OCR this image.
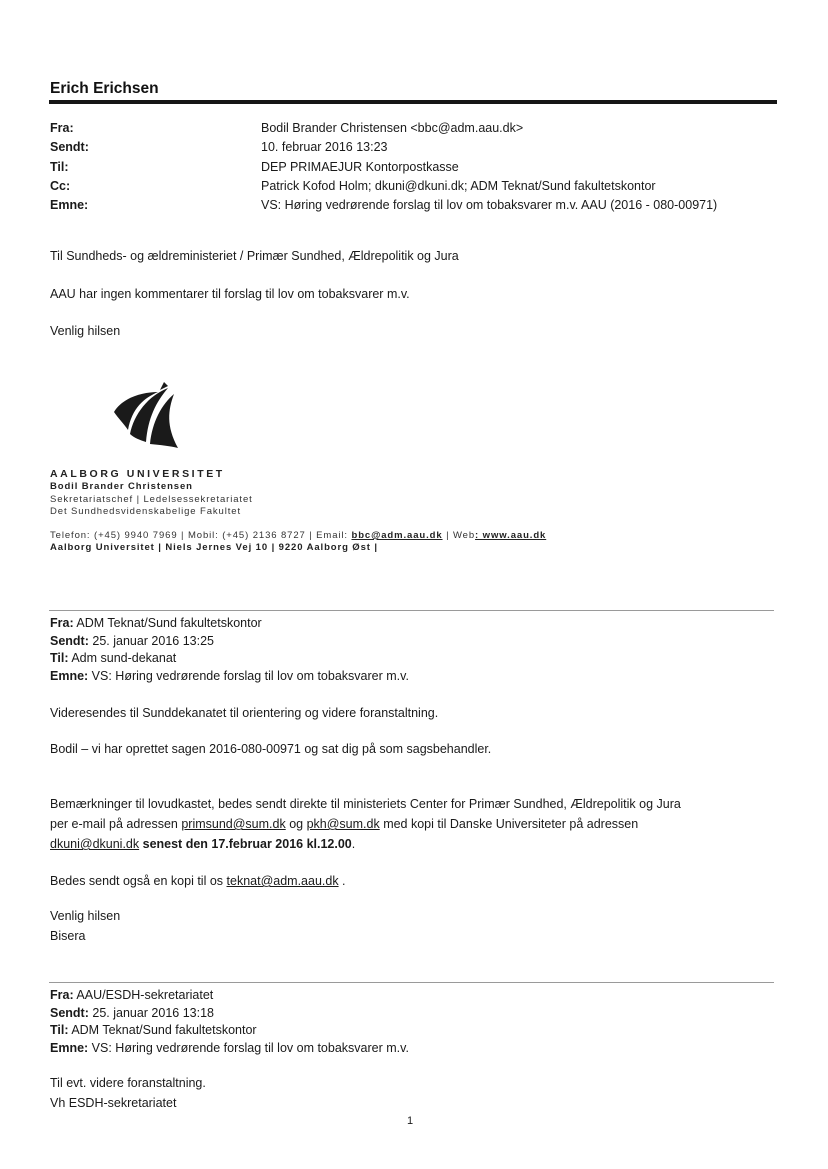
Erich Erichsen
Fra:	Bodil Brander Christensen <bbc@adm.aau.dk>
Sendt:	10. februar 2016 13:23
Til:	DEP PRIMAEJUR Kontorpostkasse
Cc:	Patrick Kofod Holm; dkuni@dkuni.dk; ADM Teknat/Sund fakultetskontor
Emne:	VS: Høring vedrørende forslag til lov om tobaksvarer m.v. AAU (2016 - 080-00971)
Til Sundheds- og ældreministeriet / Primær Sundhed, Ældrepolitik og Jura
AAU har ingen kommentarer til forslag til lov om tobaksvarer m.v.
Venlig hilsen
AALBORG UNIVERSITET
Bodil Brander Christensen
Sekretariatschef | Ledelsessekretariatet
Det Sundhedsvidenskabelige Fakultet
Telefon: (+45) 9940 7969 | Mobil: (+45) 2136 8727 | Email: bbc@adm.aau.dk | Web: www.aau.dk
Aalborg Universitet | Niels Jernes Vej 10 | 9220 Aalborg Øst |
Fra: ADM Teknat/Sund fakultetskontor
Sendt: 25. januar 2016 13:25
Til: Adm sund-dekanat
Emne: VS: Høring vedrørende forslag til lov om tobaksvarer m.v.
Videresendes til Sunddekanatet til orientering og videre foranstaltning.
Bodil – vi har oprettet sagen 2016-080-00971 og sat dig på som sagsbehandler.
Bemærkninger til lovudkastet, bedes sendt direkte til ministeriets Center for Primær Sundhed, Ældrepolitik og Jura
per e-mail på adressen primsund@sum.dk og pkh@sum.dk med kopi til Danske Universiteter på adressen
dkuni@dkuni.dk senest den 17.februar 2016 kl.12.00.
Bedes sendt også en kopi til os teknat@adm.aau.dk .
Venlig hilsen
Bisera
Fra: AAU/ESDH-sekretariatet
Sendt: 25. januar 2016 13:18
Til: ADM Teknat/Sund fakultetskontor
Emne: VS: Høring vedrørende forslag til lov om tobaksvarer m.v.
Til evt. videre foranstaltning.
Vh ESDH-sekretariatet
1
